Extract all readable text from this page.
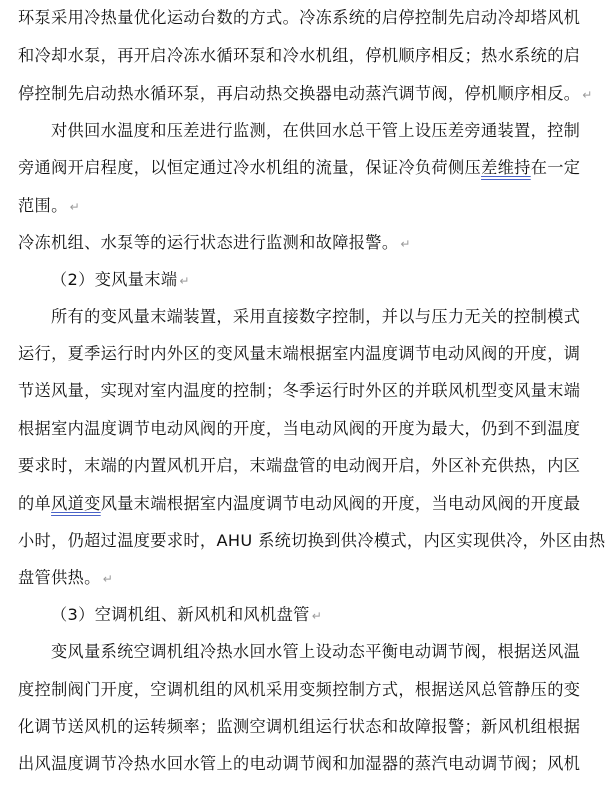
环泵采用冷热量优化运动台数的方式。冷冻系统的启停控制先启动冷却塔风机
和冷却水泵，再开启冷冻水循环泵和冷水机组，停机顺序相反；热水系统的启
停控制先启动热水循环泵，再启动热交换器电动蒸汽调节阀，停机顺序相反。 ↵
对供回水温度和压差进行监测，在供回水总干管上设压差旁通装置，控制
旁通阀开启程度，以恒定通过冷水机组的流量，保证冷负荷侧压差维持在一定
范围。 ↵
冷冻机组、水泵等的运行状态进行监测和故障报警。 ↵
（2）变风量末端 ↵
所有的变风量末端装置，采用直接数字控制，并以与压力无关的控制模式
运行，夏季运行时内外区的变风量末端根据室内温度调节电动风阀的开度，调
节送风量，实现对室内温度的控制；冬季运行时外区的并联风机型变风量末端
根据室内温度调节电动风阀的开度，当电动风阀的开度为最大，仍到不到温度
要求时，末端的内置风机开启，末端盘管的电动阀开启，外区补充供热，内区
的单风道变风量末端根据室内温度调节电动风阀的开度，当电动风阀的开度最
小时，仍超过温度要求时，AHU 系统切换到供冷模式，内区实现供冷，外区由热
盘管供热。 ↵
（3）空调机组、新风机和风机盘管 ↵
变风量系统空调机组冷热水回水管上设动态平衡电动调节阀，根据送风温
度控制阀门开度，空调机组的风机采用变频控制方式，根据送风总管静压的变
化调节送风机的运转频率；监测空调机组运行状态和故障报警；新风机组根据
出风温度调节冷热水回水管上的电动调节阀和加湿器的蒸汽电动调节阀；风机
